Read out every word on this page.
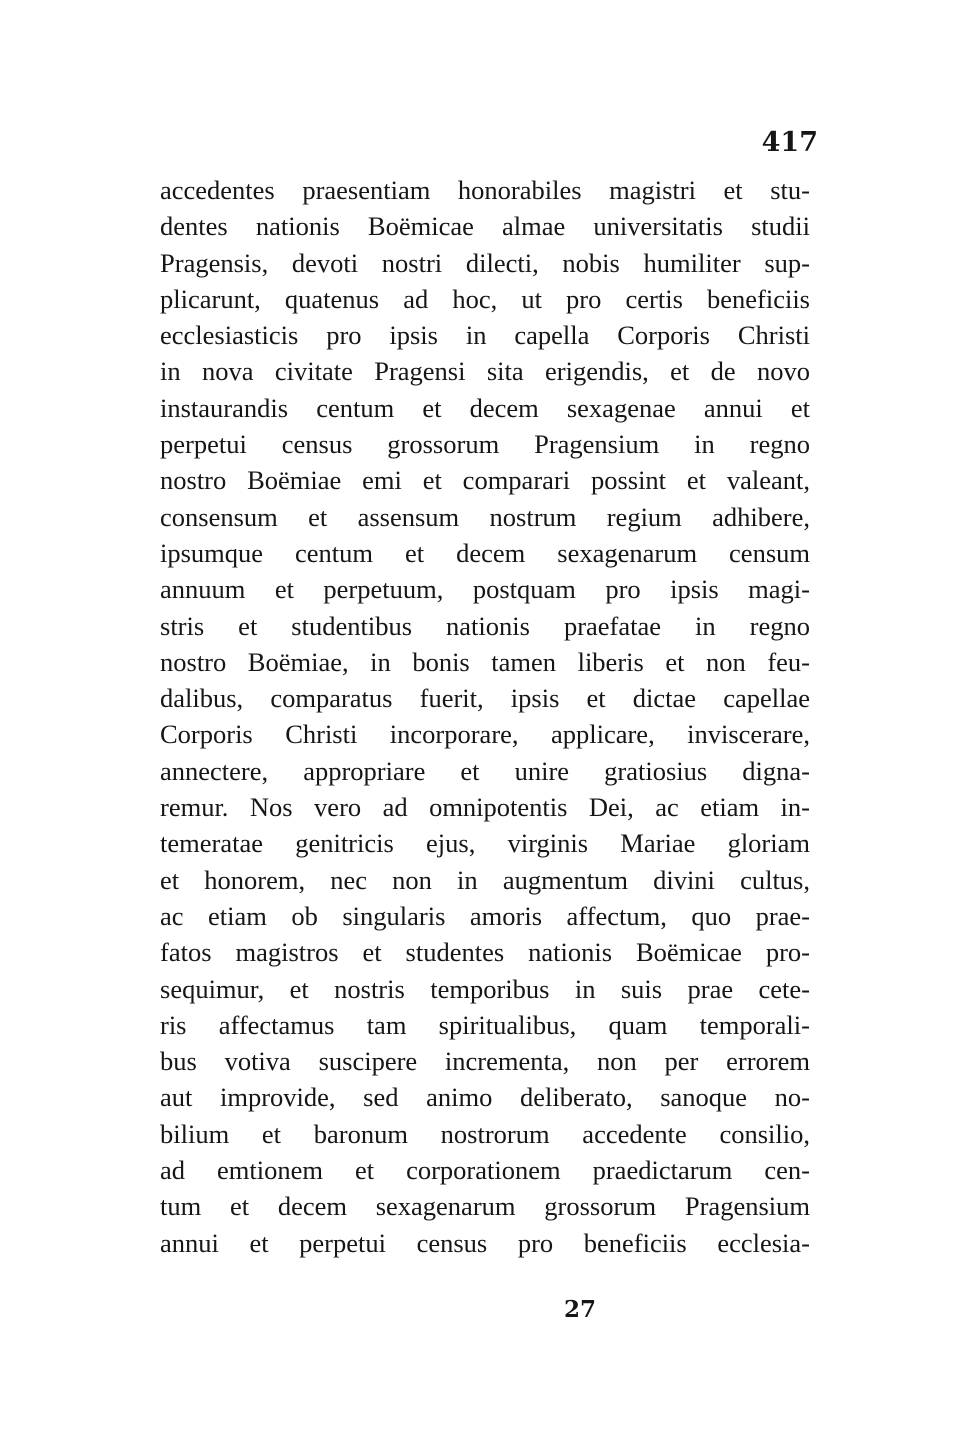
417

accedentes praesentiam honorabiles magistri et stu-
dentes nationis Boëmicae almae universitatis studii
Pragensis, devoti nostri dilecti, nobis humiliter sup-
plicarunt, quatenus ad hoc, ut pro certis beneficiis
ecclesiasticis pro ipsis in capella Corporis Christi
in nova civitate Pragensi sita erigendis, et de novo
instaurandis centum et decem sexagenae annui et
perpetui census grossorum Pragensium in regno
nostro Boëmiae emi et comparari possint et valeant,
consensum et assensum nostrum regium adhibere,
ipsumque centum et decem sexagenarum censum
annuum et perpetuum, postquam pro ipsis magi-
stris et studentibus nationis praefatae in regno
nostro Boëmiae, in bonis tamen liberis et non feu-
dalibus, comparatus fuerit, ipsis et dictae capellae
Corporis Christi incorporare, applicare, inviscerare,
annectere, appropriare et unire gratiosius digna-
remur. Nos vero ad omnipotentis Dei, ac etiam in-
temeratae genitricis ejus, virginis Mariae gloriam
et honorem, nec non in augmentum divini cultus,
ac etiam ob singularis amoris affectum, quo prae-
fatos magistros et studentes nationis Boëmicae pro-
sequimur, et nostris temporibus in suis prae cete-
ris affectamus tam spiritualibus, quam temporali-
bus votiva suscipere incrementa, non per errorem
aut improvide, sed animo deliberato, sanoque no-
bilium et baronum nostrorum accedente consilio,
ad emtionem et corporationem praedictarum cen-
tum et decem sexagenarum grossorum Pragensium
annui et perpetui census pro beneficiis ecclesia-

27
